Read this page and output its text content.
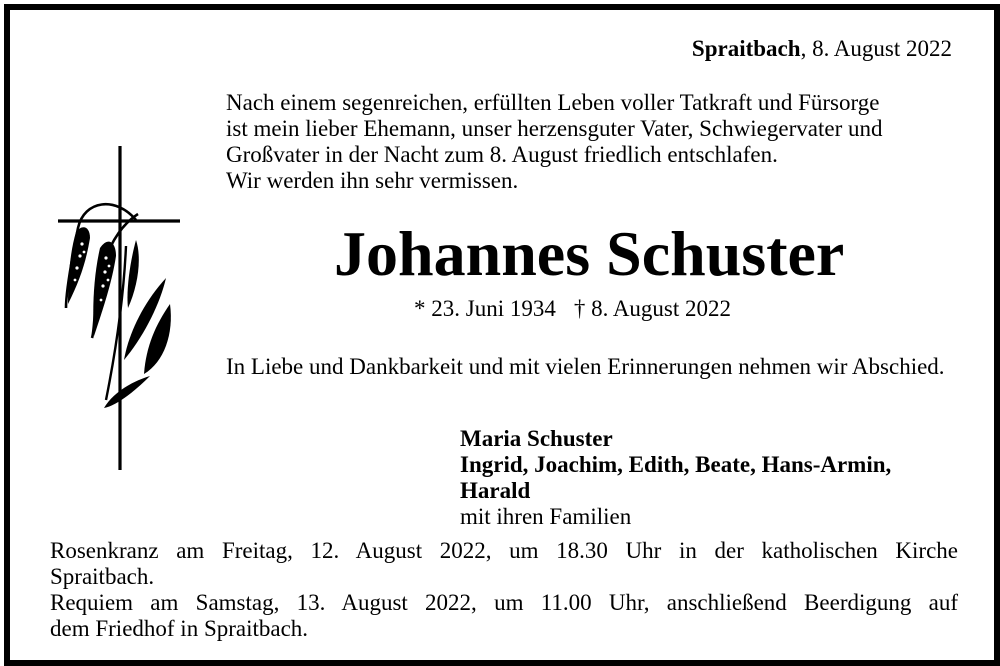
Spraitbach, 8. August 2022
Nach einem segenreichen, erfüllten Leben voller Tatkraft und Fürsorge
ist mein lieber Ehemann, unser herzensguter Vater, Schwiegervater und
Großvater in der Nacht zum 8. August friedlich entschlafen.
Wir werden ihn sehr vermissen.
Johannes Schuster
* 23. Juni 1934 † 8. August 2022

In Liebe und Dankbarkeit und mit vielen Erinnerungen nehmen wir Abschied.

Maria Schuster
Ingrid, Joachim, Edith, Beate, Hans-Armin,
Harald
mit ihren Familien

Rosenkranz am Freitag, 12. August 2022, um 18.30 Uhr in der katholischen Kirche
Spraitbach.

Requiem am Samstag, 13. August 2022, um 11.00 Uhr, anschließend Beerdigung auf
dem Friedhof in Spraitbach.
